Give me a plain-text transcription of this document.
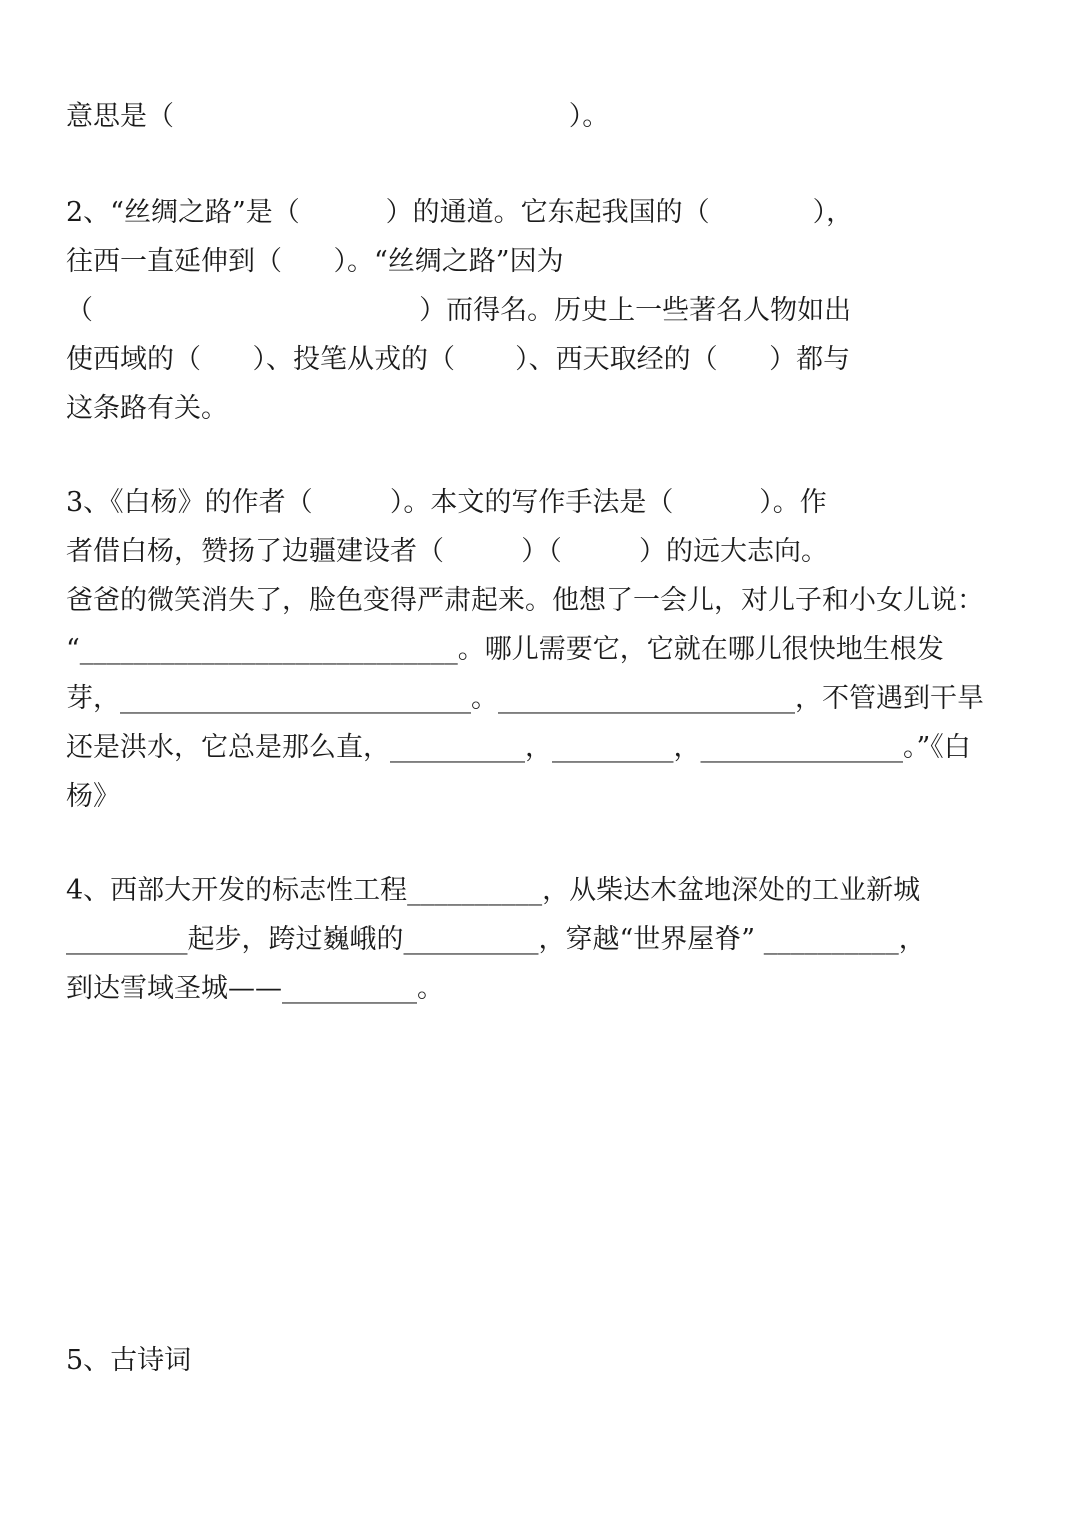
意思是（                                              ）。
2、“丝绸之路”是（          ）的通道。它东起我国的（            ），
往西一直延伸到（      ）。“丝绸之路”因为
（                                      ）而得名。历史上一些著名人物如出
使西域的（      ）、投笔从戎的（       ）、西天取经的（      ）都与
这条路有关。
3、《白杨》的作者（         ）。本文的写作手法是（          ）。作
者借白杨，赞扬了边疆建设者（         ）（         ）的远大志向。
爸爸的微笑消失了，脸色变得严肃起来。他想了一会儿，对儿子和小女儿说：
“____________________________。哪儿需要它，它就在哪儿很快地生根发
芽，__________________________。______________________，不管遇到干旱
还是洪水，它总是那么直，__________，_________，_______________。”《白
杨》
4、西部大开发的标志性工程__________，从柴达木盆地深处的工业新城
_________起步，跨过巍峨的__________，穿越“世界屋脊” __________，
到达雪域圣城——__________。
5、古诗词
